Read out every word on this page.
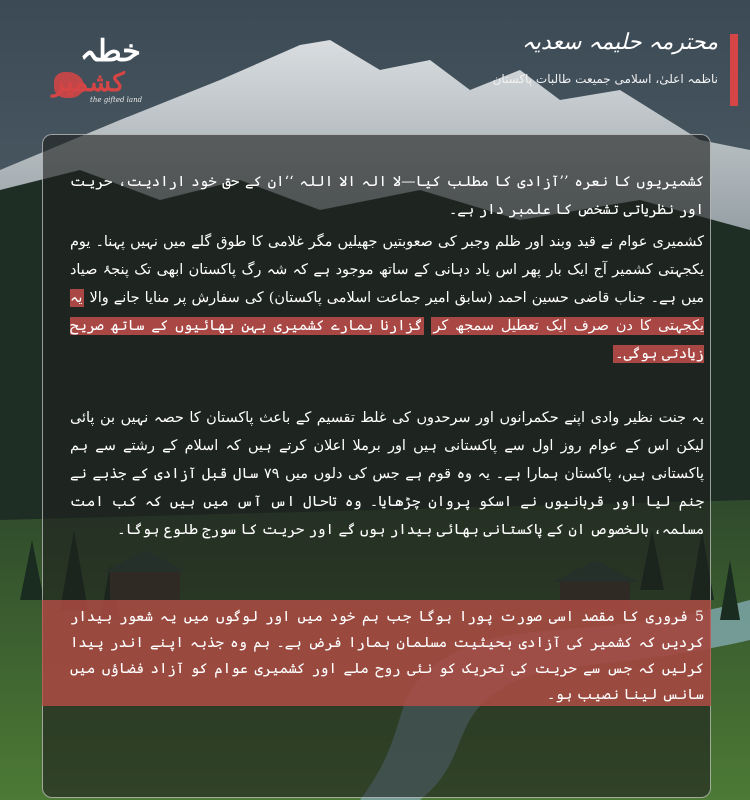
خطہ
کشمیر
the gifted land
محترمہ حلیمہ سعدیہ
ناظمہ اعلیٰ، اسلامی جمیعت طالبات پاکستان
کشمیریوں کا نعرہ ’’آزادی کا مطلب کیا—لا الہ الا اللہ ‘‘ان کے حق خود ارادیت، حریت اور نظریاتی تشخص کا علمبر دار ہے۔
کشمیری عوام نے قید وبند اور ظلم وجبر کی صعوبتیں جھیلیں مگر غلامی کا طوق گلے میں نہیں پہنا۔ یوم یکجہتی کشمیر آج ایک بار پھر اس یاد دہانی کے ساتھ موجود ہے کہ شہ رگ پاکستان ابھی تک پنجۂ صیاد میں ہے۔ جناب قاضی حسین احمد (سابق امیر جماعت اسلامی پاکستان) کی سفارش پر منایا جانے والا یہ یکجہتی کا دن صرف ایک تعطیل سمجھ کر گزارنا ہمارے کشمیری بہن بھائیوں کے ساتھ صریح زیادتی ہوگی۔
یہ جنت نظیر وادی اپنے حکمرانوں اور سرحدوں کی غلط تقسیم کے باعث پاکستان کا حصہ نہیں بن پائی لیکن اس کے عوام روز اول سے پاکستانی ہیں اور برملا اعلان کرتے ہیں کہ اسلام کے رشتے سے ہم پاکستانی ہیں، پاکستان ہمارا ہے۔ یہ وہ قوم ہے جس کی دلوں میں ۷۹ سال قبل آزادی کے جذبے نے جنم لیا اور قربانیوں نے اسکو پروان چڑھایا۔ وہ تاحال اس آس میں ہیں کہ کب امت مسلمہ، بالخصوص ان کے پاکستانی بھائی بیدار ہوں گے اور حریت کا سورج طلوع ہوگا۔
5 فروری کا مقصد اسی صورت پورا ہوگا جب ہم خود میں اور لوگوں میں یہ شعور بیدار کردیں کہ کشمیر کی آزادی بحیثیت مسلمان ہمارا فرض ہے۔ ہم وہ جذبہ اپنے اندر پیدا کرلیں کہ جس سے حریت کی تحریک کو نئی روح ملے اور کشمیری عوام کو آزاد فضاؤں میں سانس لینا نصیب ہو۔
